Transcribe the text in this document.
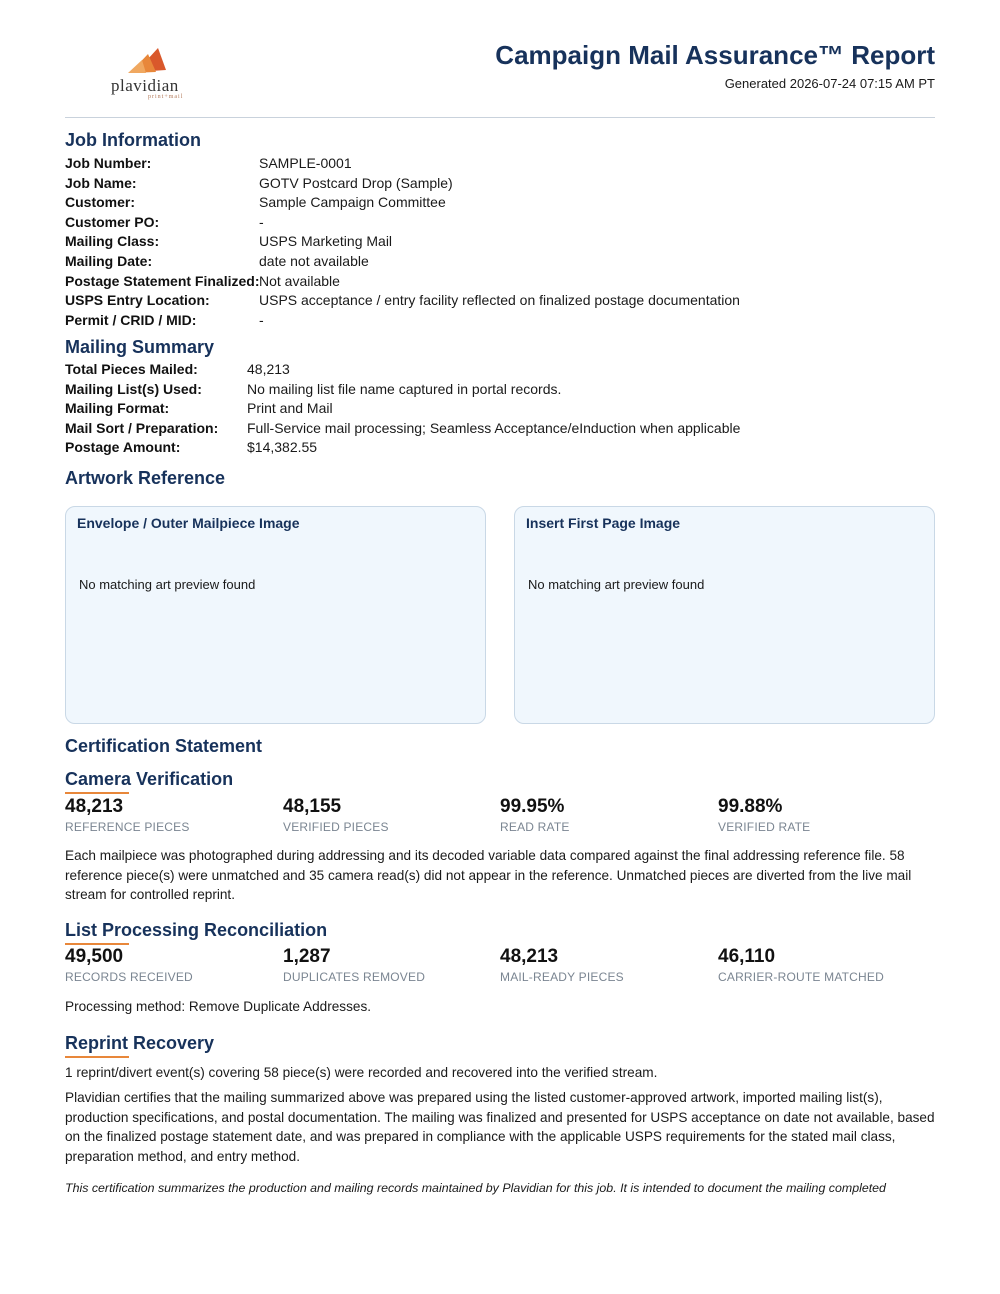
plavidian
print+mail
Campaign Mail Assurance™ Report
Generated 2026-07-24 07:15 AM PT
Job Information
Job Number:	SAMPLE-0001
Job Name:	GOTV Postcard Drop (Sample)
Customer:	Sample Campaign Committee
Customer PO:	-
Mailing Class:	USPS Marketing Mail
Mailing Date:	date not available
Postage Statement Finalized: Not available
USPS Entry Location:	USPS acceptance / entry facility reflected on finalized postage documentation
Permit / CRID / MID:	-
Mailing Summary
Total Pieces Mailed:	48,213
Mailing List(s) Used:	No mailing list file name captured in portal records.
Mailing Format:	Print and Mail
Mail Sort / Preparation:	Full-Service mail processing; Seamless Acceptance/eInduction when applicable
Postage Amount:	$14,382.55
Artwork Reference
Envelope / Outer Mailpiece Image
No matching art preview found
Insert First Page Image
No matching art preview found
Certification Statement
Camera Verification
48,213
REFERENCE PIECES
48,155
VERIFIED PIECES
99.95%
READ RATE
99.88%
VERIFIED RATE
Each mailpiece was photographed during addressing and its decoded variable data compared against the final addressing reference file. 58 reference piece(s) were unmatched and 35 camera read(s) did not appear in the reference. Unmatched pieces are diverted from the live mail stream for controlled reprint.
List Processing Reconciliation
49,500
RECORDS RECEIVED
1,287
DUPLICATES REMOVED
48,213
MAIL-READY PIECES
46,110
CARRIER-ROUTE MATCHED
Processing method: Remove Duplicate Addresses.
Reprint Recovery
1 reprint/divert event(s) covering 58 piece(s) were recorded and recovered into the verified stream.
Plavidian certifies that the mailing summarized above was prepared using the listed customer-approved artwork, imported mailing list(s), production specifications, and postal documentation. The mailing was finalized and presented for USPS acceptance on date not available, based on the finalized postage statement date, and was prepared in compliance with the applicable USPS requirements for the stated mail class, preparation method, and entry method.
This certification summarizes the production and mailing records maintained by Plavidian for this job. It is intended to document the mailing completed
